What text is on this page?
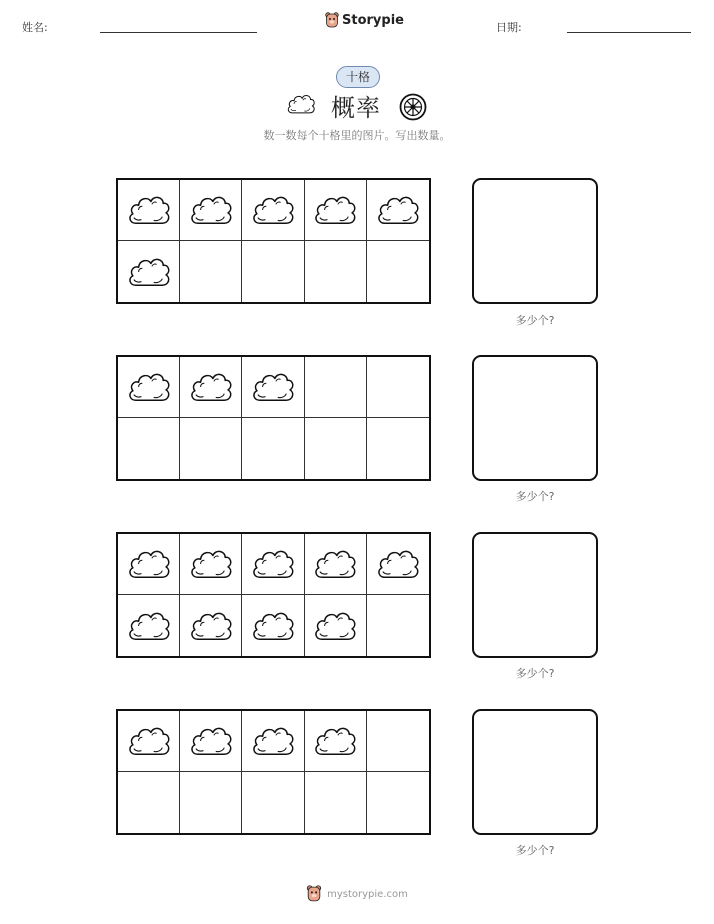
姓名:	Storypie	日期:
十格
概率
数一数每个十格里的图片。写出数量。
多少个?
多少个?
多少个?
多少个?
mystorypie.com
